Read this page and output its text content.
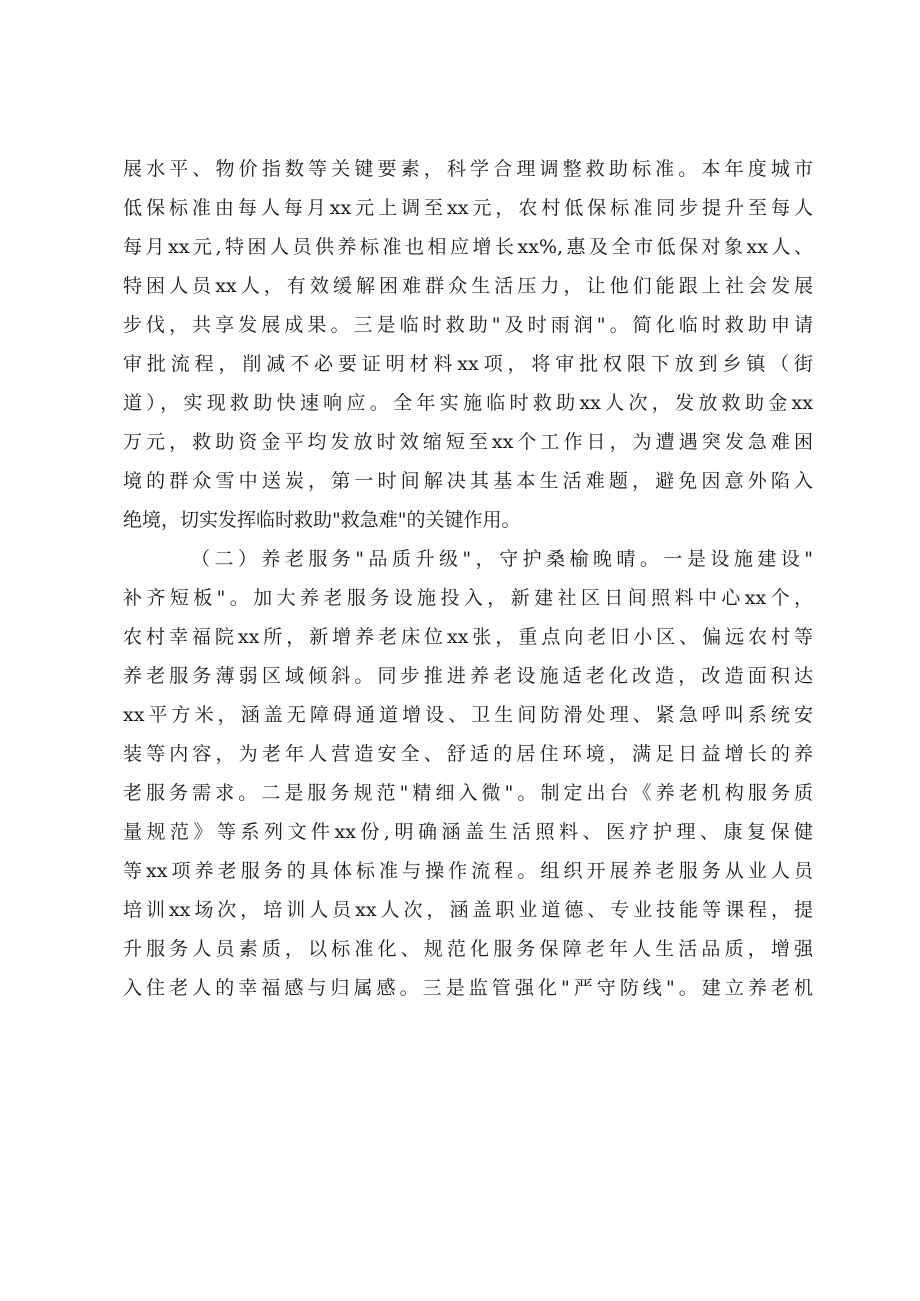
展水平、物价指数等关键要素，科学合理调整救助标准。本年度城市
低保标准由每人每月xx元上调至xx元，农村低保标准同步提升至每人
每月xx元,特困人员供养标准也相应增长xx%,惠及全市低保对象xx人、
特困人员xx人，有效缓解困难群众生活压力，让他们能跟上社会发展
步伐，共享发展成果。三是临时救助"及时雨润"。简化临时救助申请
审批流程，削减不必要证明材料xx项，将审批权限下放到乡镇（街
道），实现救助快速响应。全年实施临时救助xx人次，发放救助金xx
万元，救助资金平均发放时效缩短至xx个工作日，为遭遇突发急难困
境的群众雪中送炭，第一时间解决其基本生活难题，避免因意外陷入
绝境，切实发挥临时救助"救急难"的关键作用。
（二）养老服务"品质升级"，守护桑榆晚晴。一是设施建设"
补齐短板"。加大养老服务设施投入，新建社区日间照料中心xx个，
农村幸福院xx所，新增养老床位xx张，重点向老旧小区、偏远农村等
养老服务薄弱区域倾斜。同步推进养老设施适老化改造，改造面积达
xx平方米，涵盖无障碍通道增设、卫生间防滑处理、紧急呼叫系统安
装等内容，为老年人营造安全、舒适的居住环境，满足日益增长的养
老服务需求。二是服务规范"精细入微"。制定出台《养老机构服务质
量规范》等系列文件xx份,明确涵盖生活照料、医疗护理、康复保健
等xx项养老服务的具体标准与操作流程。组织开展养老服务从业人员
培训xx场次，培训人员xx人次，涵盖职业道德、专业技能等课程，提
升服务人员素质，以标准化、规范化服务保障老年人生活品质，增强
入住老人的幸福感与归属感。三是监管强化"严守防线"。建立养老机
